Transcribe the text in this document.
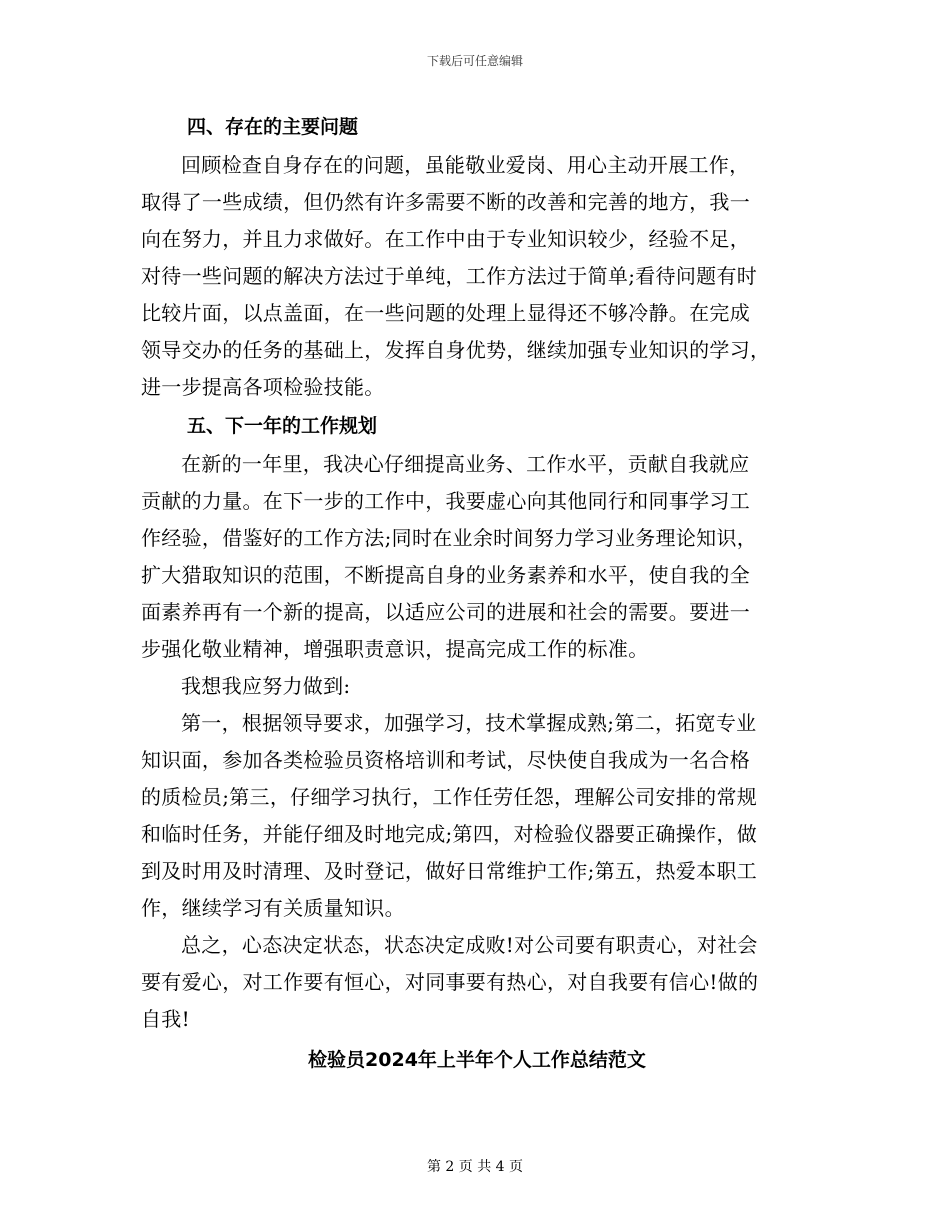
下载后可任意编辑
四、存在的主要问题

回顾检查自身存在的问题，虽能敬业爱岗、用心主动开展工作，
取得了一些成绩，但仍然有许多需要不断的改善和完善的地方，我一
向在努力，并且力求做好。在工作中由于专业知识较少，经验不足，
对待一些问题的解决方法过于单纯，工作方法过于简单;看待问题有时
比较片面，以点盖面，在一些问题的处理上显得还不够冷静。在完成
领导交办的任务的基础上，发挥自身优势，继续加强专业知识的学习，
进一步提高各项检验技能。

五、下一年的工作规划

在新的一年里，我决心仔细提高业务、工作水平，贡献自我就应
贡献的力量。在下一步的工作中，我要虚心向其他同行和同事学习工
作经验，借鉴好的工作方法;同时在业余时间努力学习业务理论知识，
扩大猎取知识的范围，不断提高自身的业务素养和水平，使自我的全
面素养再有一个新的提高，以适应公司的进展和社会的需要。要进一
步强化敬业精神，增强职责意识，提高完成工作的标准。

我想我应努力做到:

第一，根据领导要求，加强学习，技术掌握成熟;第二，拓宽专业
知识面，参加各类检验员资格培训和考试，尽快使自我成为一名合格
的质检员;第三，仔细学习执行，工作任劳任怨，理解公司安排的常规
和临时任务，并能仔细及时地完成;第四，对检验仪器要正确操作，做
到及时用及时清理、及时登记，做好日常维护工作;第五，热爱本职工
作，继续学习有关质量知识。

总之，心态决定状态，状态决定成败!对公司要有职责心，对社会
要有爱心，对工作要有恒心，对同事要有热心，对自我要有信心!做的
自我!

检验员2024年上半年个人工作总结范文
第 2 页 共 4 页
